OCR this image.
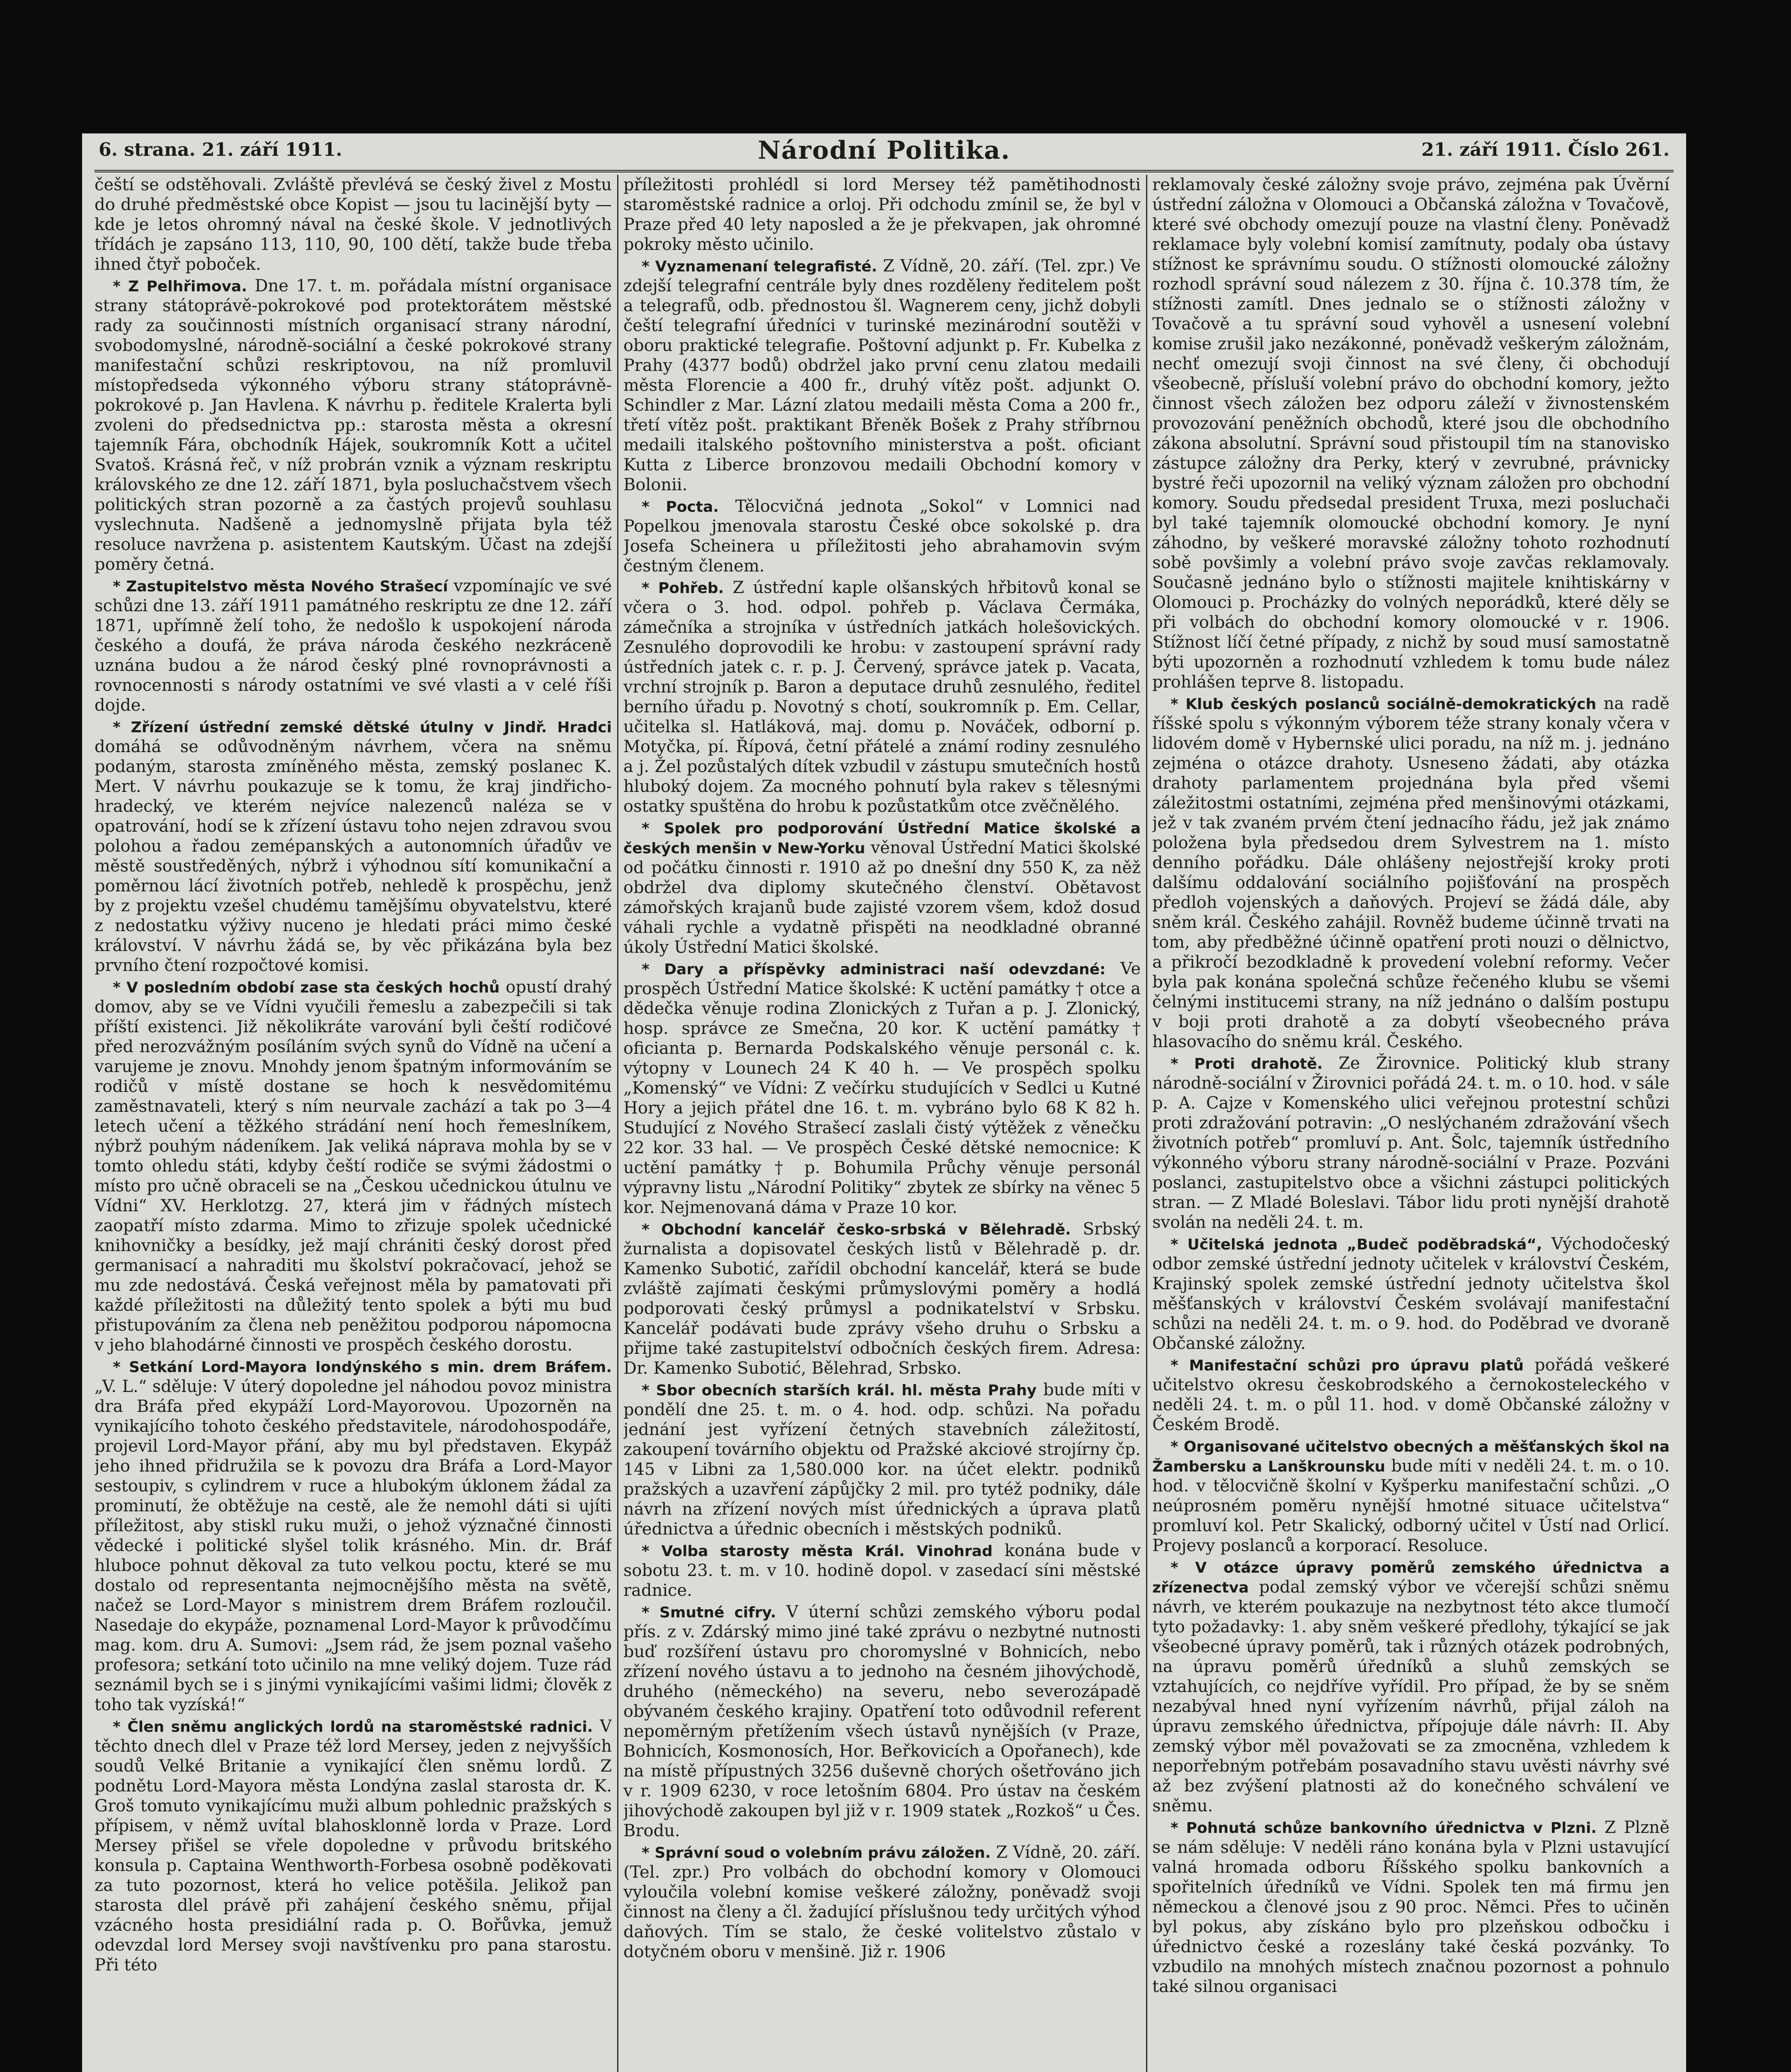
6. strana. 21. září 1911.	Národní Politika.	21. září 1911. Číslo 261.

čeští se odstěhovali. Zvláště převlévá se český živel z Mostu do druhé předměstské obce Kopist — jsou tu lacinější byty — kde je letos ohromný nával na české škole. V jednotlivých třídách je zapsáno 113, 110, 90, 100 dětí, takže bude třeba ihned čtyř poboček.

* Z Pelhřimova. Dne 17. t. m. pořádala místní organisace strany státoprávě-pokrokové pod protektorátem městské rady za součinnosti místních organisací strany národní, svobodomyslné, národně-sociální a české pokrokové strany manifestační schůzi reskriptovou, na níž promluvil místopředseda výkonného výboru strany státoprávně-pokrokové p. Jan Havlena. K návrhu p. ředitele Kralerta byli zvoleni do předsednictva pp.: starosta města a okresní tajemník Fára, obchodník Hájek, soukromník Kott a učitel Svatoš. Krásná řeč, v níž probrán vznik a význam reskriptu královského ze dne 12. září 1871, byla posluchačstvem všech politických stran pozorně a za častých projevů souhlasu vyslechnuta. Nadšeně a jednomyslně přijata byla též resoluce navržena p. asistentem Kautským. Účast na zdejší poměry četná.

* Zastupitelstvo města Nového Strašecí vzpomínajíc ve své schůzi dne 13. září 1911 památného reskriptu ze dne 12. září 1871, upřímně želí toho, že nedošlo k uspokojení národa českého a doufá, že práva národa českého nezkráceně uznána budou a že národ český plné rovnoprávnosti a rovnocennosti s národy ostatními ve své vlasti a v celé říši dojde.

* Zřízení ústřední zemské dětské útulny v Jindř. Hradci domáhá se odůvodněným návrhem, včera na sněmu podaným, starosta zmíněného města, zemský poslanec K. Mert. V návrhu poukazuje se k tomu, že kraj jindřicho-hradecký, ve kterém nejvíce nalezenců naléza se v opatrování, hodí se k zřízení ústavu toho nejen zdravou svou polohou a řadou zemépanských a autonomních úřadův ve městě soustředěných, nýbrž i výhodnou sítí komunikační a poměrnou lácí životních potřeb, nehledě k prospěchu, jenž by z projektu vzešel chudému tamějšímu obyvatelstvu, které z nedostatku výživy nuceno je hledati práci mimo české království. V návrhu žádá se, by věc přikázána byla bez prvního čtení rozpočtové komisi.

* V posledním období zase sta českých hochů opustí drahý domov, aby se ve Vídni vyučili řemeslu a zabezpečili si tak příští existenci. Již několikráte varování byli čeští rodičové před nerozvážným posíláním svých synů do Vídně na učení a varujeme je znovu. Mnohdy jenom špatným informováním se rodičů v místě dostane se hoch k nesvědomitému zaměstnavateli, který s ním neurvale zachází a tak po 3—4 letech učení a těžkého strádání není hoch řemeslníkem, nýbrž pouhým nádeníkem. Jak veliká náprava mohla by se v tomto ohledu státi, kdyby čeští rodiče se svými žádostmi o místo pro učně obraceli se na „Českou učednickou útulnu ve Vídni“ XV. Herklotzg. 27, která jim v řádných místech zaopatří místo zdarma. Mimo to zřizuje spolek učednické knihovničky a besídky, jež mají chrániti český dorost před germanisací a nahraditi mu školství pokračovací, jehož se mu zde nedostává. Česká veřejnost měla by pamatovati při každé příležitosti na důležitý tento spolek a býti mu bud přistupováním za člena neb peněžitou podporou nápomocna v jeho blahodárné činnosti ve prospěch českého dorostu.

* Setkání Lord-Mayora londýnského s min. drem Bráfem. „V. L.“ sděluje: V úterý dopoledne jel náhodou povoz ministra dra Bráfa před ekypáží Lord-Mayorovou. Upozorněn na vynikajícího tohoto českého představitele, národohospodáře, projevil Lord-Mayor přání, aby mu byl představen. Ekypáž jeho ihned přidružila se k povozu dra Bráfa a Lord-Mayor sestoupiv, s cylindrem v ruce a hlubokým úklonem žádal za prominutí, že obtěžuje na cestě, ale že nemohl dáti si ujíti příležitost, aby stiskl ruku muži, o jehož význačné činnosti vědecké i politické slyšel tolik krásného. Min. dr. Bráf hluboce pohnut děkoval za tuto velkou poctu, které se mu dostalo od representanta nejmocnějšího města na světě, načež se Lord-Mayor s ministrem drem Bráfem rozloučil. Nasedaje do ekypáže, poznamenal Lord-Mayor k průvodčímu mag. kom. dru A. Sumovi: „Jsem rád, že jsem poznal vašeho profesora; setkání toto učinilo na mne veliký dojem. Tuze rád seznámil bych se i s jinými vynikajícími vašimi lidmi; člověk z toho tak vyzíská!“

* Člen sněmu anglických lordů na staroměstské radnici. V těchto dnech dlel v Praze též lord Mersey, jeden z nejvyšších soudů Velké Britanie a vynikající člen sněmu lordů. Z podnětu Lord-Mayora města Londýna zaslal starosta dr. K. Groš tomuto vynikajícímu muži album pohlednic pražských s přípisem, v němž uvítal blahosklonně lorda v Praze. Lord Mersey přišel se vřele dopoledne v průvodu britského konsula p. Captaina Wenthworth-Forbesa osobně poděkovati za tuto pozornost, která ho velice potěšila. Jelikož pan starosta dlel právě při zahájení českého sněmu, přijal vzácného hosta presidiální rada p. O. Bořůvka, jemuž odevzdal lord Mersey svoji navštívenku pro pana starostu. Při této

příležitosti prohlédl si lord Mersey též pamětihodnosti staroměstské radnice a orloj. Při odchodu zmínil se, že byl v Praze před 40 lety naposled a že je překvapen, jak ohromné pokroky město učinilo.

* Vyznamenaní telegrafisté. Z Vídně, 20. září. (Tel. zpr.) Ve zdejší telegrafní centrále byly dnes rozděleny ředitelem pošt a telegrafů, odb. přednostou šl. Wagnerem ceny, jichž dobyli čeští telegrafní úředníci v turinské mezinárodní soutěži v oboru praktické telegrafie. Poštovní adjunkt p. Fr. Kubelka z Prahy (4377 bodů) obdržel jako první cenu zlatou medaili města Florencie a 400 fr., druhý vítěz pošt. adjunkt O. Schindler z Mar. Lázní zlatou medaili města Coma a 200 fr., třetí vítěz pošt. praktikant Břeněk Bošek z Prahy stříbrnou medaili italského poštovního ministerstva a pošt. oficiant Kutta z Liberce bronzovou medaili Obchodní komory v Bolonii.

* Pocta. Tělocvičná jednota „Sokol“ v Lomnici nad Popelkou jmenovala starostu České obce sokolské p. dra Josefa Scheinera u příležitosti jeho abrahamovin svým čestným členem.

* Pohřeb. Z ústřední kaple olšanských hřbitovů konal se včera o 3. hod. odpol. pohřeb p. Václava Čermáka, zámečníka a strojníka v ústředních jatkách holešovických. Zesnulého doprovodili ke hrobu: v zastoupení správní rady ústředních jatek c. r. p. J. Červený, správce jatek p. Vacata, vrchní strojník p. Baron a deputace druhů zesnulého, ředitel berního úřadu p. Novotný s chotí, soukromník p. Em. Cellar, učitelka sl. Hatláková, maj. domu p. Nováček, odborní p. Motyčka, pí. Řípová, četní přátelé a známí rodiny zesnulého a j. Žel pozůstalých dítek vzbudil v zástupu smutečních hostů hluboký dojem. Za mocného pohnutí byla rakev s tělesnými ostatky spuštěna do hrobu k pozůstatkům otce zvěčnělého.

* Spolek pro podporování Ústřední Matice školské a českých menšin v New-Yorku věnoval Ústřední Matici školské od počátku činnosti r. 1910 až po dnešní dny 550 K, za něž obdržel dva diplomy skutečného členství. Obětavost zámořských krajanů bude zajisté vzorem všem, kdož dosud váhali rychle a vydatně přispěti na neodkladné obranné úkoly Ústřední Matici školské.

* Dary a příspěvky administraci naší odevzdané: Ve prospěch Ústřední Matice školské: K uctění památky † otce a dědečka věnuje rodina Zlonických z Tuřan a p. J. Zlonický, hosp. správce ze Smečna, 20 kor. K uctění památky † oficianta p. Bernarda Podskalského věnuje personál c. k. výtopny v Lounech 24 K 40 h. — Ve prospěch spolku „Komenský“ ve Vídni: Z večírku studujících v Sedlci u Kutné Hory a jejich přátel dne 16. t. m. vybráno bylo 68 K 82 h. Studující z Nového Strašecí zaslali čistý výtěžek z věnečku 22 kor. 33 hal. — Ve prospěch České dětské nemocnice: K uctění památky † p. Bohumila Průchy věnuje personál výpravny listu „Národní Politiky“ zbytek ze sbírky na věnec 5 kor. Nejmenovaná dáma v Praze 10 kor.

* Obchodní kancelář česko-srbská v Bělehradě. Srbský žurnalista a dopisovatel českých listů v Bělehradě p. dr. Kamenko Subotić, zařídil obchodní kancelář, která se bude zvláště zajímati českými průmyslovými poměry a hodlá podporovati český průmysl a podnikatelství v Srbsku. Kancelář podávati bude zprávy všeho druhu o Srbsku a přijme také zastupitelství odbočních českých firem. Adresa: Dr. Kamenko Subotić, Bělehrad, Srbsko.

* Sbor obecních starších král. hl. města Prahy bude míti v pondělí dne 25. t. m. o 4. hod. odp. schůzi. Na pořadu jednání jest vyřízení četných stavebních záležitostí, zakoupení továrního objektu od Pražské akciové strojírny čp. 145 v Libni za 1,580.000 kor. na účet elektr. podniků pražských a uzavření zápůjčky 2 mil. pro tytéž podniky, dále návrh na zřízení nových míst úřednických a úprava platů úřednictva a úřednic obecních i městských podniků.

* Volba starosty města Král. Vinohrad konána bude v sobotu 23. t. m. v 10. hodině dopol. v zasedací síni městské radnice.

* Smutné cifry. V úterní schůzi zemského výboru podal přís. z v. Zdárský mimo jiné také zprávu o nezbytné nutnosti buď rozšíření ústavu pro choromyslné v Bohnicích, nebo zřízení nového ústavu a to jednoho na česném jihovýchodě, druhého (německého) na severu, nebo severozápadě obývaném českého krajiny. Opatření toto odůvodnil referent nepoměrným přetížením všech ústavů nynějších (v Praze, Bohnicích, Kosmonosích, Hor. Beřkovicích a Opořanech), kde na místě přípustných 3256 duševně chorých ošetřováno jich v r. 1909 6230, v roce letošním 6804. Pro ústav na českém jihovýchodě zakoupen byl již v r. 1909 statek „Rozkoš“ u Čes. Brodu.

* Správní soud o volebním právu záložen. Z Vídně, 20. září. (Tel. zpr.) Pro volbách do obchodní komory v Olomouci vyloučila volební komise veškeré záložny, poněvadž svoji činnost na členy a čl. žadující příslušnou tedy určitých výhod daňových. Tím se stalo, že české volitelstvo zůstalo v dotyčném oboru v menšině. Již r. 1906

reklamovaly české záložny svoje právo, zejména pak Úvěrní ústřední záložna v Olomouci a Občanská záložna v Tovačově, které své obchody omezují pouze na vlastní členy. Poněvadž reklamace byly volební komisí zamítnuty, podaly oba ústavy stížnost ke správnímu soudu. O stížnosti olomoucké záložny rozhodl správní soud nálezem z 30. října č. 10.378 tím, že stížnosti zamítl. Dnes jednalo se o stížnosti záložny v Tovačově a tu správní soud vyhověl a usnesení volební komise zrušil jako nezákonné, poněvadž veškerým záložnám, nechť omezují svoji činnost na své členy, či obchodují všeobecně, přísluší volební právo do obchodní komory, ježto činnost všech záložen bez odporu záleží v živnostenském provozování peněžních obchodů, které jsou dle obchodního zákona absolutní. Správní soud přistoupil tím na stanovisko zástupce záložny dra Perky, který v zevrubné, právnicky bystré řeči upozornil na veliký význam záložen pro obchodní komory. Soudu předsedal president Truxa, mezi posluchači byl také tajemník olomoucké obchodní komory. Je nyní záhodno, by veškeré moravské záložny tohoto rozhodnutí sobě povšimly a volební právo svoje zavčas reklamovaly. Současně jednáno bylo o stížnosti majitele knihtiskárny v Olomouci p. Procházky do volných neporádků, které děly se při volbách do obchodní komory olomoucké v r. 1906. Stížnost líčí četné případy, z nichž by soud musí samostatně býti upozorněn a rozhodnutí vzhledem k tomu bude nález prohlášen teprve 8. listopadu.

* Klub českých poslanců sociálně-demokratických na radě říšské spolu s výkonným výborem téže strany konaly včera v lidovém domě v Hybernské ulici poradu, na níž m. j. jednáno zejména o otázce drahoty. Usneseno žádati, aby otázka drahoty parlamentem projednána byla před všemi záležitostmi ostatními, zejména před menšinovými otázkami, jež v tak zvaném prvém čtení jednacího řádu, jež jak známo položena byla předsedou drem Sylvestrem na 1. místo denního pořádku. Dále ohlášeny nejostřejší kroky proti dalšímu oddalování sociálního pojišťování na prospěch předloh vojenských a daňových. Projeví se žádá dále, aby sněm král. Českého zahájil. Rovněž budeme účinně trvati na tom, aby předběžné účinně opatření proti nouzi o dělnictvo, a přikročí bezodkladně k provedení volební reformy. Večer byla pak konána společná schůze řečeného klubu se všemi čelnými institucemi strany, na níž jednáno o dalším postupu v boji proti drahotě a za dobytí všeobecného práva hlasovacího do sněmu král. Českého.

* Proti drahotě. Ze Žirovnice. Politický klub strany národně-sociální v Žirovnici pořádá 24. t. m. o 10. hod. v sále p. A. Cajze v Komenského ulici veřejnou protestní schůzi proti zdražování potravin: „O neslýchaném zdražování všech životních potřeb“ promluví p. Ant. Šolc, tajemník ústředního výkonného výboru strany národně-sociální v Praze. Pozváni poslanci, zastupitelstvo obce a všichni zástupci politických stran. — Z Mladé Boleslavi. Tábor lidu proti nynější drahotě svolán na neděli 24. t. m.

* Učitelská jednota „Budeč poděbradská“, Východočeský odbor zemské ústřední jednoty učitelek v království Českém, Krajinský spolek zemské ústřední jednoty učitelstva škol měšťanských v království Českém svolávají manifestační schůzi na neděli 24. t. m. o 9. hod. do Poděbrad ve dvoraně Občanské záložny.

* Manifestační schůzi pro úpravu platů pořádá veškeré učitelstvo okresu českobrodského a černokosteleckého v neděli 24. t. m. o půl 11. hod. v domě Občanské záložny v Českém Brodě.

* Organisované učitelstvo obecných a měšťanských škol na Žambersku a Lanškrounsku bude míti v neděli 24. t. m. o 10. hod. v tělocvičně školní v Kyšperku manifestační schůzi. „O neúprosném poměru nynější hmotné situace učitelstva“ promluví kol. Petr Skalický, odborný učitel v Ústí nad Orlicí. Projevy poslanců a korporací. Resoluce.

* V otázce úpravy poměrů zemského úřednictva a zřízenectva podal zemský výbor ve včerejší schůzi sněmu návrh, ve kterém poukazuje na nezbytnost této akce tlumočí tyto požadavky: 1. aby sněm veškeré předlohy, týkající se jak všeobecné úpravy poměrů, tak i různých otázek podrobných, na úpravu poměrů úředníků a sluhů zemských se vztahujících, co nejdříve vyřídil. Pro případ, že by se sněm nezabýval hned nyní vyřízením návrhů, přijal záloh na úpravu zemského úřednictva, přípojuje dále návrh: II. Aby zemský výbor měl považovati se za zmocněna, vzhledem k neporřebným potřebám posavadního stavu uvěsti návrhy své až bez zvýšení platnosti až do konečného schválení ve sněmu.

* Pohnutá schůze bankovního úřednictva v Plzni. Z Plzně se nám sděluje: V neděli ráno konána byla v Plzni ustavující valná hromada odboru Říšského spolku bankovních a spořitelních úředníků ve Vídni. Spolek ten má firmu jen německou a členové jsou z 90 proc. Němci. Přes to učiněn byl pokus, aby získáno bylo pro plzeňskou odbočku i úřednictvo české a rozeslány také česká pozvánky. To vzbudilo na mnohých místech značnou pozornost a pohnulo také silnou organisaci
